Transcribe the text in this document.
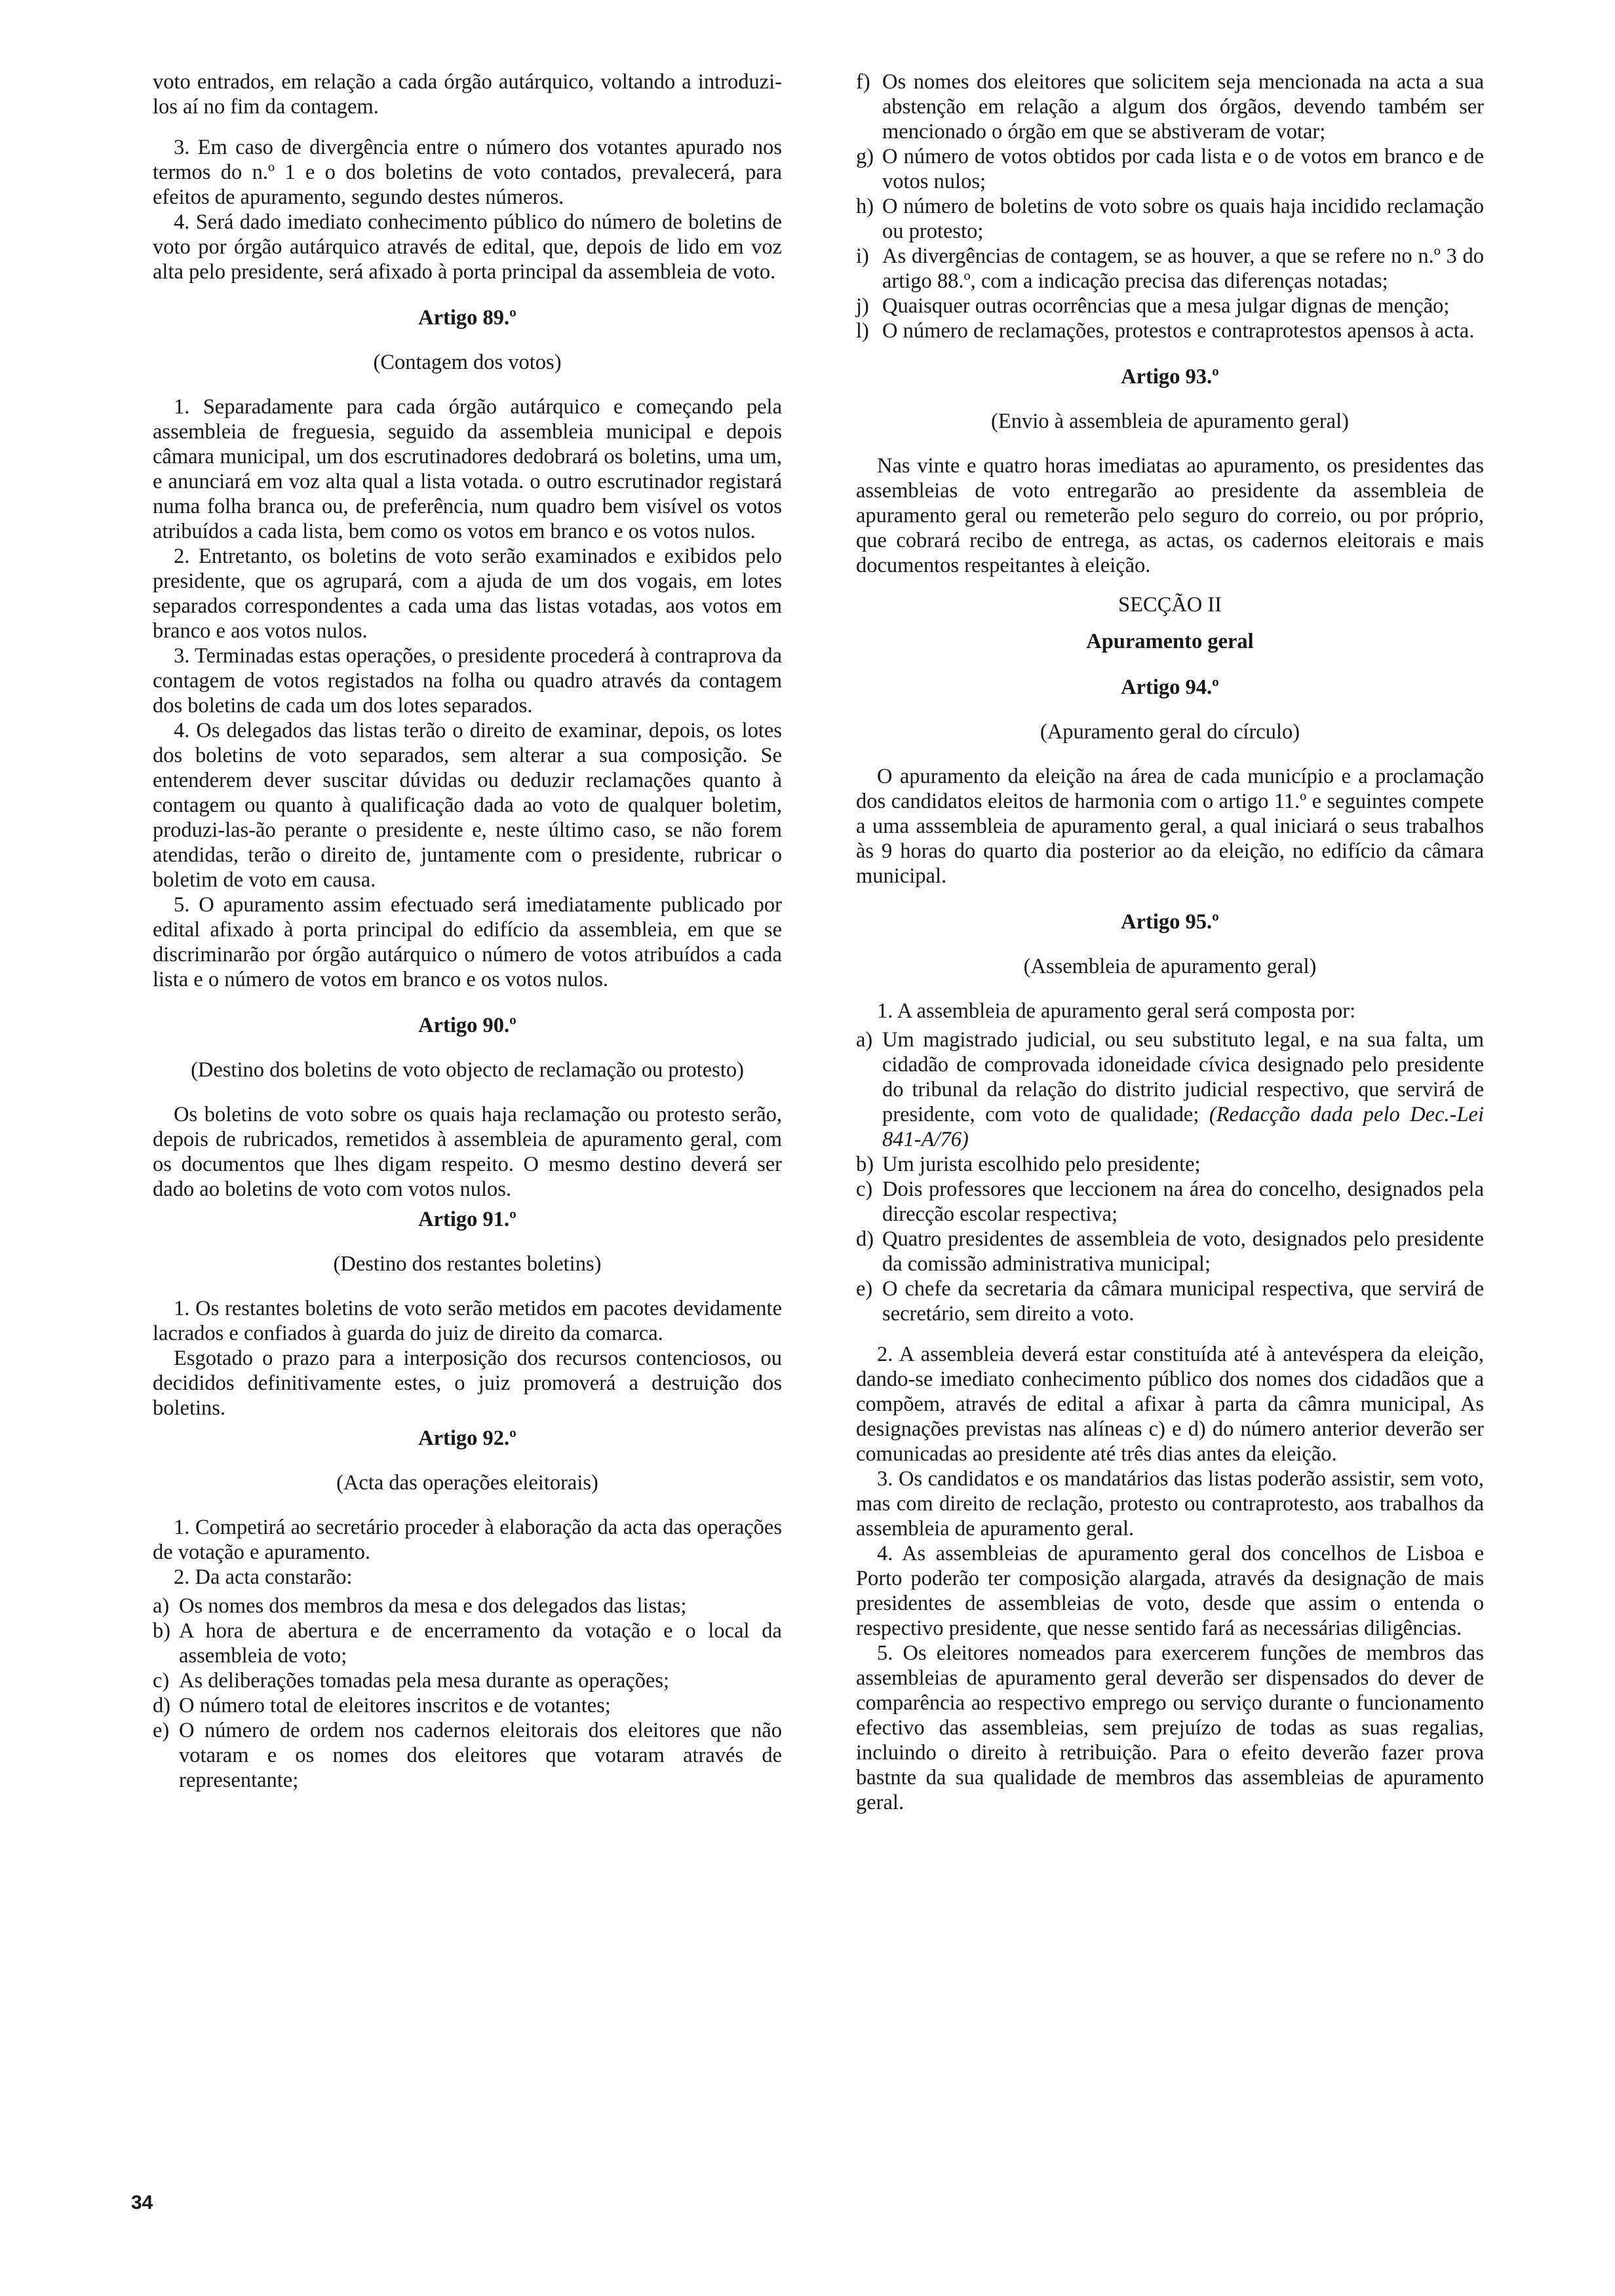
voto entrados, em relação a cada órgão autárquico, voltando a introduzi-los aí no fim da contagem.

3. Em caso de divergência entre o número dos votantes apurado nos termos do n.º 1 e o dos boletins de voto contados, prevalecerá, para efeitos de apuramento, segundo destes números.

4. Será dado imediato conhecimento público do número de boletins de voto por órgão autárquico através de edital, que, depois de lido em voz alta pelo presidente, será afixado à porta principal da assembleia de voto.

Artigo 89.º

(Contagem dos votos)

1. Separadamente para cada órgão autárquico e começando pela assembleia de freguesia, seguido da assembleia municipal e depois câmara municipal, um dos escrutinadores dedobrará os boletins, uma um, e anunciará em voz alta qual a lista votada. o outro escrutinador registará numa folha branca ou, de preferência, num quadro bem visível os votos atribuídos a cada lista, bem como os votos em branco e os votos nulos.

2. Entretanto, os boletins de voto serão examinados e exibidos pelo presidente, que os agrupará, com a ajuda de um dos vogais, em lotes separados correspondentes a cada uma das listas votadas, aos votos em branco e aos votos nulos.

3. Terminadas estas operações, o presidente procederá à contraprova da contagem de votos registados na folha ou quadro através da contagem dos boletins de cada um dos lotes separados.

4. Os delegados das listas terão o direito de examinar, depois, os lotes dos boletins de voto separados, sem alterar a sua composição. Se entenderem dever suscitar dúvidas ou deduzir reclamações quanto à contagem ou quanto à qualificação dada ao voto de qualquer boletim, produzi-las-ão perante o presidente e, neste último caso, se não forem atendidas, terão o direito de, juntamente com o presidente, rubricar o boletim de voto em causa.

5. O apuramento assim efectuado será imediatamente publicado por edital afixado à porta principal do edifício da assembleia, em que se discriminarão por órgão autárquico o número de votos atribuídos a cada lista e o número de votos em branco e os votos nulos.

Artigo 90.º

(Destino dos boletins de voto objecto de reclamação ou protesto)

Os boletins de voto sobre os quais haja reclamação ou protesto serão, depois de rubricados, remetidos à assembleia de apuramento geral, com os documentos que lhes digam respeito. O mesmo destino deverá ser dado ao boletins de voto com votos nulos.

Artigo 91.º

(Destino dos restantes boletins)

1. Os restantes boletins de voto serão metidos em pacotes devidamente lacrados e confiados à guarda do juiz de direito da comarca.

Esgotado o prazo para a interposição dos recursos contenciosos, ou decididos definitivamente estes, o juiz promoverá a destruição dos boletins.

Artigo 92.º

(Acta das operações eleitorais)

1. Competirá ao secretário proceder à elaboração da acta das operações de votação e apuramento.

2. Da acta constarão:

a) Os nomes dos membros da mesa e dos delegados das listas;

b) A hora de abertura e de encerramento da votação e o local da assembleia de voto;

c) As deliberações tomadas pela mesa durante as operações;

d) O número total de eleitores inscritos e de votantes;

e) O número de ordem nos cadernos eleitorais dos eleitores que não votaram e os nomes dos eleitores que votaram através de representante;

f) Os nomes dos eleitores que solicitem seja mencionada na acta a sua abstenção em relação a algum dos órgãos, devendo também ser mencionado o órgão em que se abstiveram de votar;

g) O número de votos obtidos por cada lista e o de votos em branco e de votos nulos;

h) O número de boletins de voto sobre os quais haja incidido reclamação ou protesto;

i) As divergências de contagem, se as houver, a que se refere no n.º 3 do artigo 88.º, com a indicação precisa das diferenças notadas;

j) Quaisquer outras ocorrências que a mesa julgar dignas de menção;

l) O número de reclamações, protestos e contraprotestos apensos à acta.

Artigo 93.º

(Envio à assembleia de apuramento geral)

Nas vinte e quatro horas imediatas ao apuramento, os presidentes das assembleias de voto entregarão ao presidente da assembleia de apuramento geral ou remeterão pelo seguro do correio, ou por próprio, que cobrará recibo de entrega, as actas, os cadernos eleitorais e mais documentos respeitantes à eleição.

SECÇÃO II

Apuramento geral

Artigo 94.º

(Apuramento geral do círculo)

O apuramento da eleição na área de cada município e a proclamação dos candidatos eleitos de harmonia com o artigo 11.º e seguintes compete a uma asssembleia de apuramento geral, a qual iniciará o seus trabalhos às 9 horas do quarto dia posterior ao da eleição, no edifício da câmara municipal.

Artigo 95.º

(Assembleia de apuramento geral)

1. A assembleia de apuramento geral será composta por:

a) Um magistrado judicial, ou seu substituto legal, e na sua falta, um cidadão de comprovada idoneidade cívica designado pelo presidente do tribunal da relação do distrito judicial respectivo, que servirá de presidente, com voto de qualidade; (Redacção dada pelo Dec.-Lei 841-A/76)

b) Um jurista escolhido pelo presidente;

c) Dois professores que leccionem na área do concelho, designados pela direcção escolar respectiva;

d) Quatro presidentes de assembleia de voto, designados pelo presidente da comissão administrativa municipal;

e) O chefe da secretaria da câmara municipal respectiva, que servirá de secretário, sem direito a voto.

2. A assembleia deverá estar constituída até à antevéspera da eleição, dando-se imediato conhecimento público dos nomes dos cidadãos que a compõem, através de edital a afixar à parta da câmra municipal, As designações previstas nas alíneas c) e d) do número anterior deverão ser comunicadas ao presidente até três dias antes da eleição.

3. Os candidatos e os mandatários das listas poderão assistir, sem voto, mas com direito de reclação, protesto ou contraprotesto, aos trabalhos da assembleia de apuramento geral.

4. As assembleias de apuramento geral dos concelhos de Lisboa e Porto poderão ter composição alargada, através da designação de mais presidentes de assembleias de voto, desde que assim o entenda o respectivo presidente, que nesse sentido fará as necessárias diligências.

5. Os eleitores nomeados para exercerem funções de membros das assembleias de apuramento geral deverão ser dispensados do dever de comparência ao respectivo emprego ou serviço durante o funcionamento efectivo das assembleias, sem prejuízo de todas as suas regalias, incluindo o direito à retribuição. Para o efeito deverão fazer prova bastnte da sua qualidade de membros das assembleias de apuramento geral.

34
